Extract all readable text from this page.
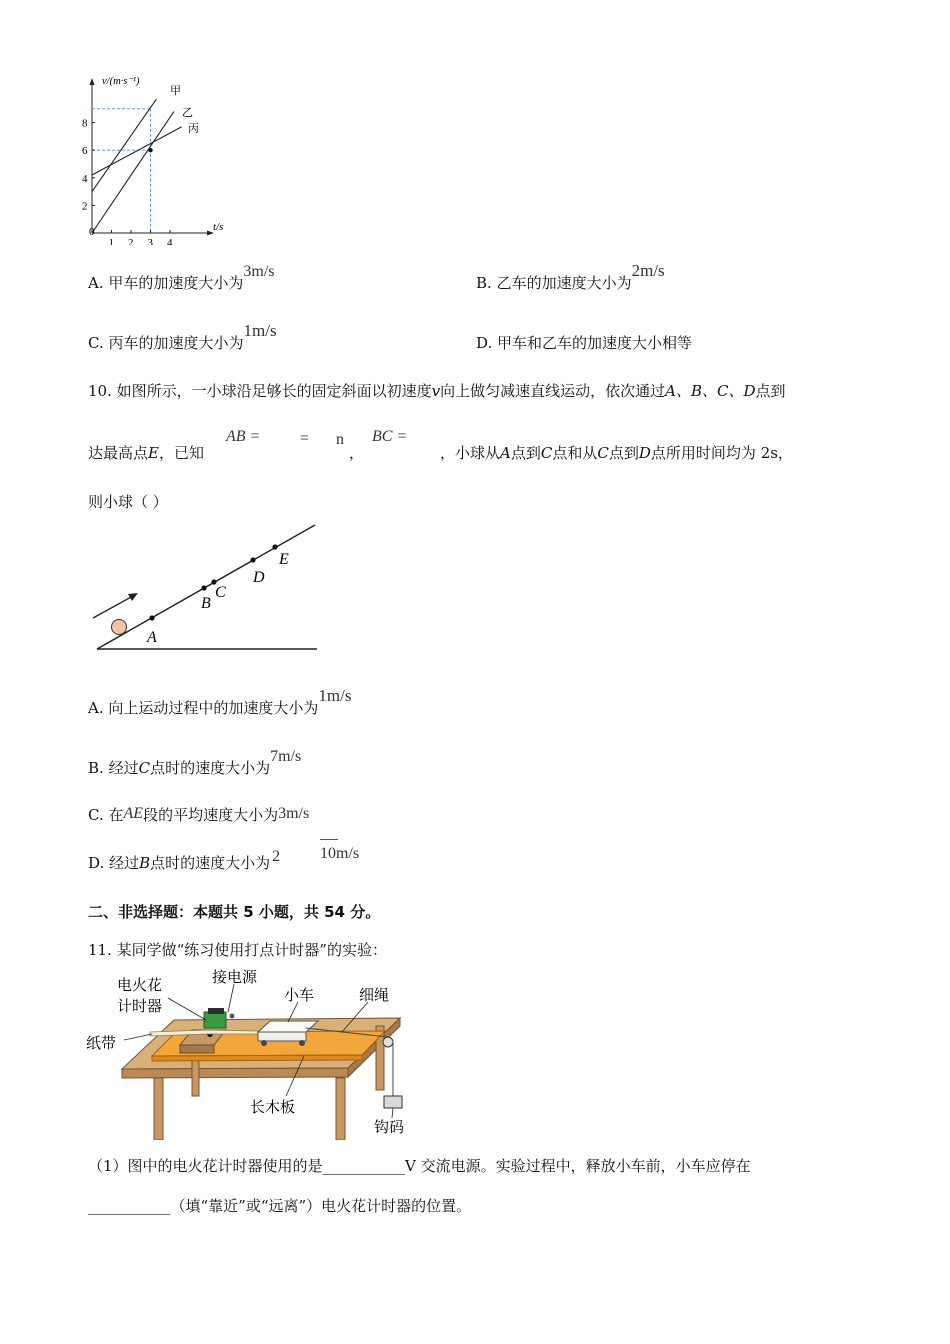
2
4
6
8
1 2 3 4
v/(m·s⁻¹)
t/s
0
甲
乙
丙
A. 甲车的加速度大小为3m/s
B. 乙车的加速度大小为2m/s
C. 丙车的加速度大小为1m/s
D. 甲车和乙车的加速度大小相等
10. 如图所示，一小球沿足够长的固定斜面以初速度v向上做匀减速直线运动，依次通过A、B、C、D点到
达最高点E，已知
AB = = n
，
BC =
，小球从A点到C点和从C点到D点所用时间均为 2s，
则小球（ ）
A
B
C
D
E
A. 向上运动过程中的加速度大小为1m/s
B. 经过C点时的速度大小为7m/s
C. 在AE段的平均速度大小为3m/s
D. 经过B点时的速度大小为 2 10m/s
二、非选择题：本题共 5 小题，共 54 分。
11. 某同学做“练习使用打点计时器”的实验：
接电源
电火花
计时器
小车	细绳
纸带
长木板
钩码
（1）图中的电火花计时器使用的是___________V 交流电源。实验过程中，释放小车前，小车应停在
___________（填“靠近”或“远离”）电火花计时器的位置。
